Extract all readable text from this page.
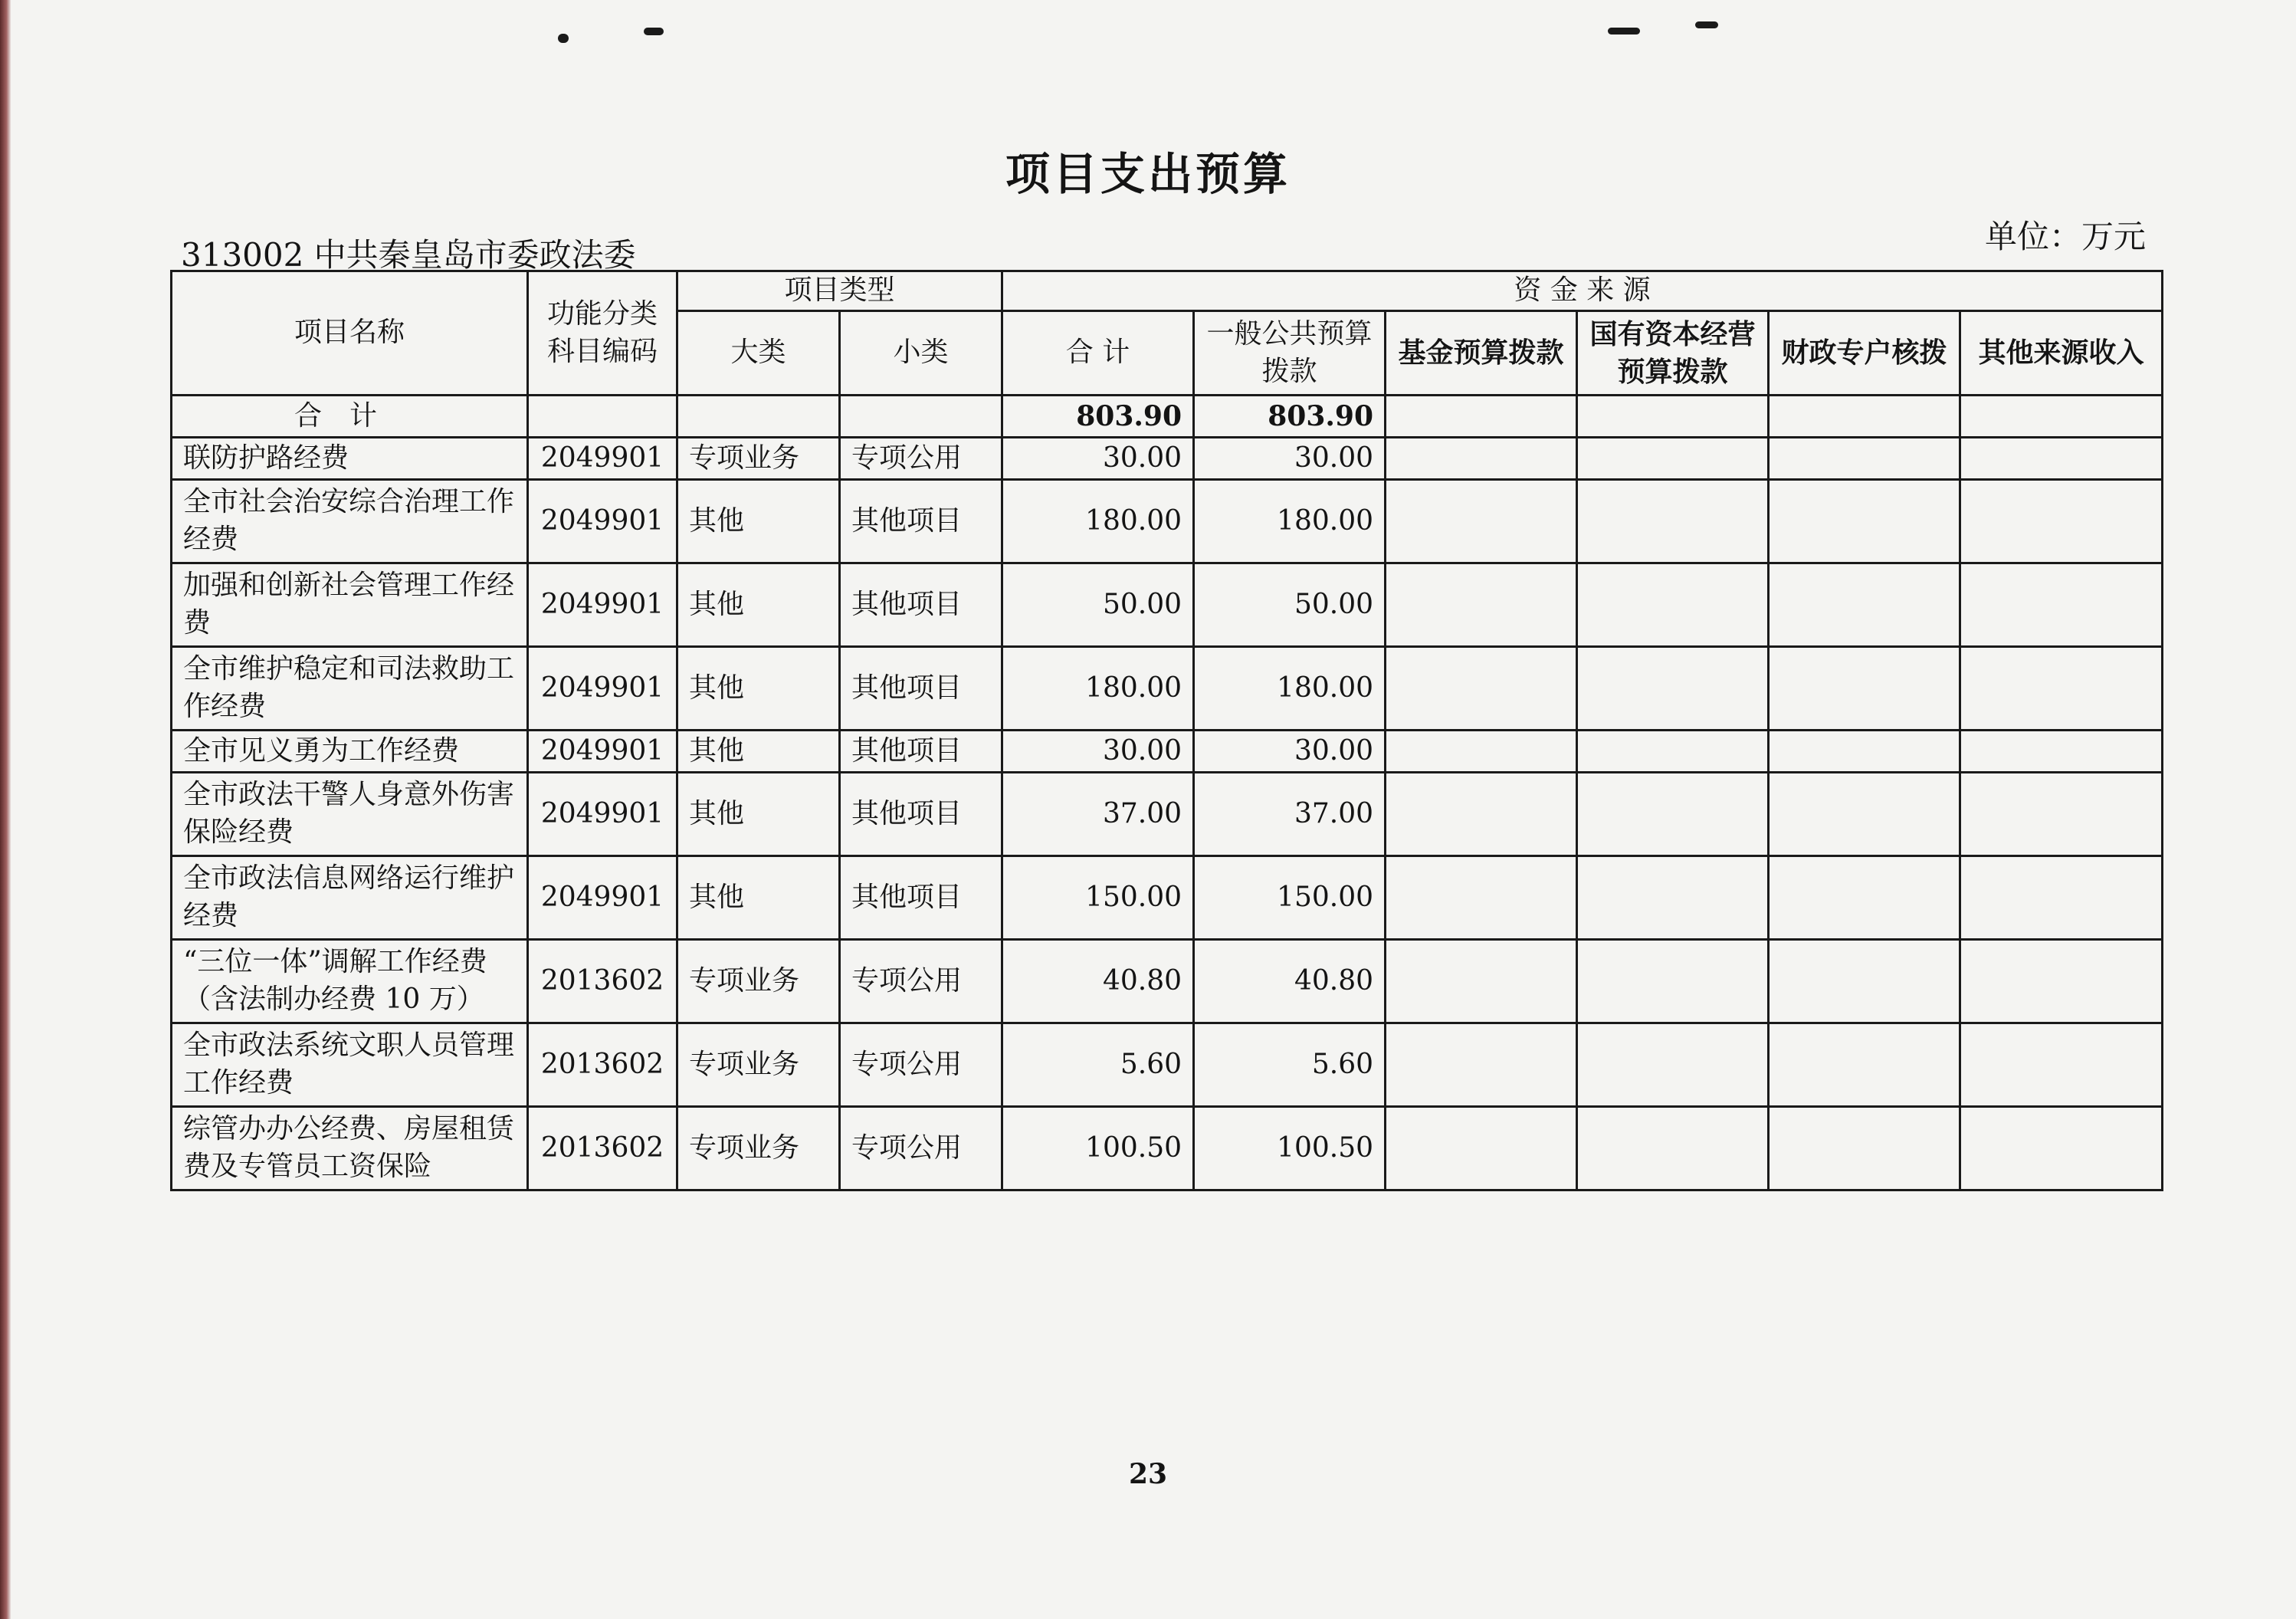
项目支出预算
313002 中共秦皇岛市委政法委	单位：万元
项目名称	功能分类科目编码	项目类型		资 金 来 源					
		大类	小类	合 计	一般公共预算拨款	基金预算拨款	国有资本经营预算拨款	财政专户核拨	其他来源收入
合计				803.90	803.90				
联防护路经费	2049901	专项业务	专项公用	30.00	30.00				
全市社会治安综合治理工作经费	2049901	其他	其他项目	180.00	180.00				
加强和创新社会管理工作经费	2049901	其他	其他项目	50.00	50.00				
全市维护稳定和司法救助工作经费	2049901	其他	其他项目	180.00	180.00				
全市见义勇为工作经费	2049901	其他	其他项目	30.00	30.00				
全市政法干警人身意外伤害保险经费	2049901	其他	其他项目	37.00	37.00				
全市政法信息网络运行维护经费	2049901	其他	其他项目	150.00	150.00				
“三位一体”调解工作经费（含法制办经费 10 万）	2013602	专项业务	专项公用	40.80	40.80				
全市政法系统文职人员管理工作经费	2013602	专项业务	专项公用	5.60	5.60				
综管办办公经费、房屋租赁费及专管员工资保险	2013602	专项业务	专项公用	100.50	100.50				
23
